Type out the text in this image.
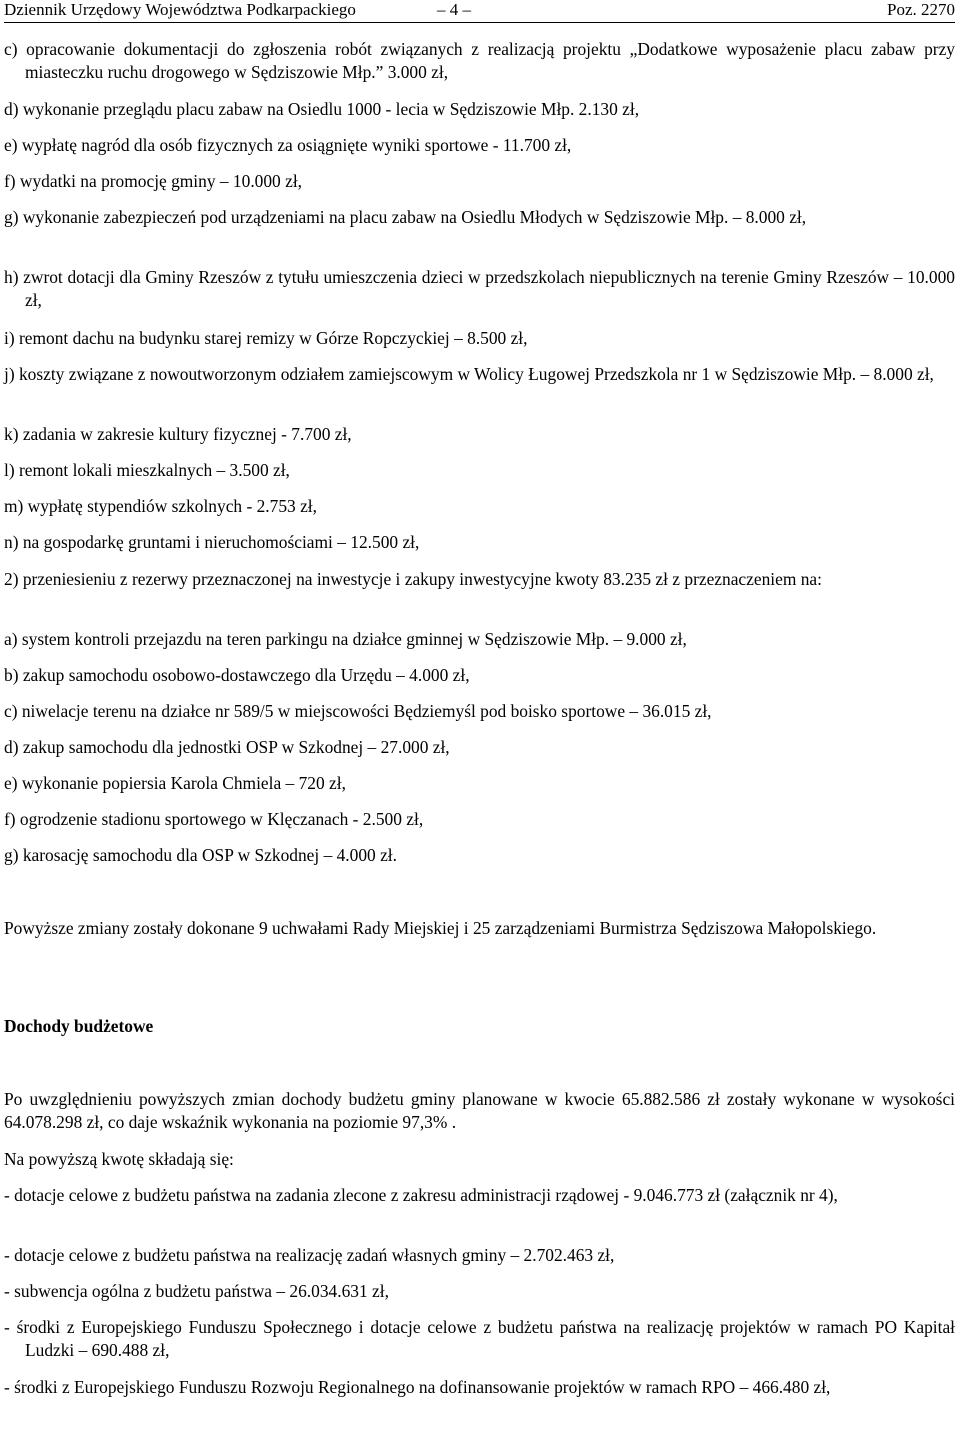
Dziennik Urzędowy Województwa Podkarpackiego	– 4 –	Poz. 2270

c) opracowanie dokumentacji do zgłoszenia robót związanych z realizacją projektu „Dodatkowe wyposażenie placu zabaw przy miasteczku ruchu drogowego w Sędziszowie Młp.” 3.000 zł,

d) wykonanie przeglądu placu zabaw na Osiedlu 1000 - lecia w Sędziszowie Młp. 2.130 zł,

e) wypłatę nagród dla osób fizycznych za osiągnięte wyniki sportowe - 11.700 zł,

f) wydatki na promocję gminy – 10.000 zł,

g) wykonanie zabezpieczeń pod urządzeniami na placu zabaw na Osiedlu Młodych w Sędziszowie Młp. – 8.000 zł,

h) zwrot dotacji dla Gminy Rzeszów z tytułu umieszczenia dzieci w przedszkolach niepublicznych na terenie Gminy Rzeszów – 10.000 zł,

i) remont dachu na budynku starej remizy w Górze Ropczyckiej – 8.500 zł,

j) koszty związane z nowoutworzonym odziałem zamiejscowym w Wolicy Ługowej Przedszkola nr 1 w Sędziszowie Młp. – 8.000 zł,

k) zadania w zakresie kultury fizycznej - 7.700 zł,

l) remont lokali mieszkalnych – 3.500 zł,

m) wypłatę stypendiów szkolnych - 2.753 zł,

n) na gospodarkę gruntami i nieruchomościami – 12.500 zł,

2) przeniesieniu z rezerwy przeznaczonej na inwestycje i zakupy inwestycyjne kwoty 83.235 zł z przeznaczeniem na:

a) system kontroli przejazdu na teren parkingu na działce gminnej w Sędziszowie Młp. – 9.000 zł,

b) zakup samochodu osobowo-dostawczego dla Urzędu – 4.000 zł,

c) niwelacje terenu na działce nr 589/5 w miejscowości Będziemyśl pod boisko sportowe – 36.015 zł,

d) zakup samochodu dla jednostki OSP w Szkodnej – 27.000 zł,

e) wykonanie popiersia Karola Chmiela – 720 zł,

f) ogrodzenie stadionu sportowego w Klęczanach - 2.500 zł,

g) karosację samochodu dla OSP w Szkodnej – 4.000 zł.

Powyższe zmiany zostały dokonane 9 uchwałami Rady Miejskiej i 25 zarządzeniami Burmistrza Sędziszowa Małopolskiego.

Dochody budżetowe

Po uwzględnieniu powyższych zmian dochody budżetu gminy planowane w kwocie 65.882.586 zł zostały wykonane w wysokości 64.078.298 zł, co daje wskaźnik wykonania na poziomie 97,3% .

Na powyższą kwotę składają się:

- dotacje celowe z budżetu państwa na zadania zlecone z zakresu administracji rządowej - 9.046.773 zł (załącznik nr 4),

- dotacje celowe z budżetu państwa na realizację zadań własnych gminy – 2.702.463 zł,

- subwencja ogólna z budżetu państwa – 26.034.631 zł,

- środki z Europejskiego Funduszu Społecznego i dotacje celowe z budżetu państwa na realizację projektów w ramach PO Kapitał Ludzki – 690.488 zł,

- środki z Europejskiego Funduszu Rozwoju Regionalnego na dofinansowanie projektów w ramach RPO – 466.480 zł,
